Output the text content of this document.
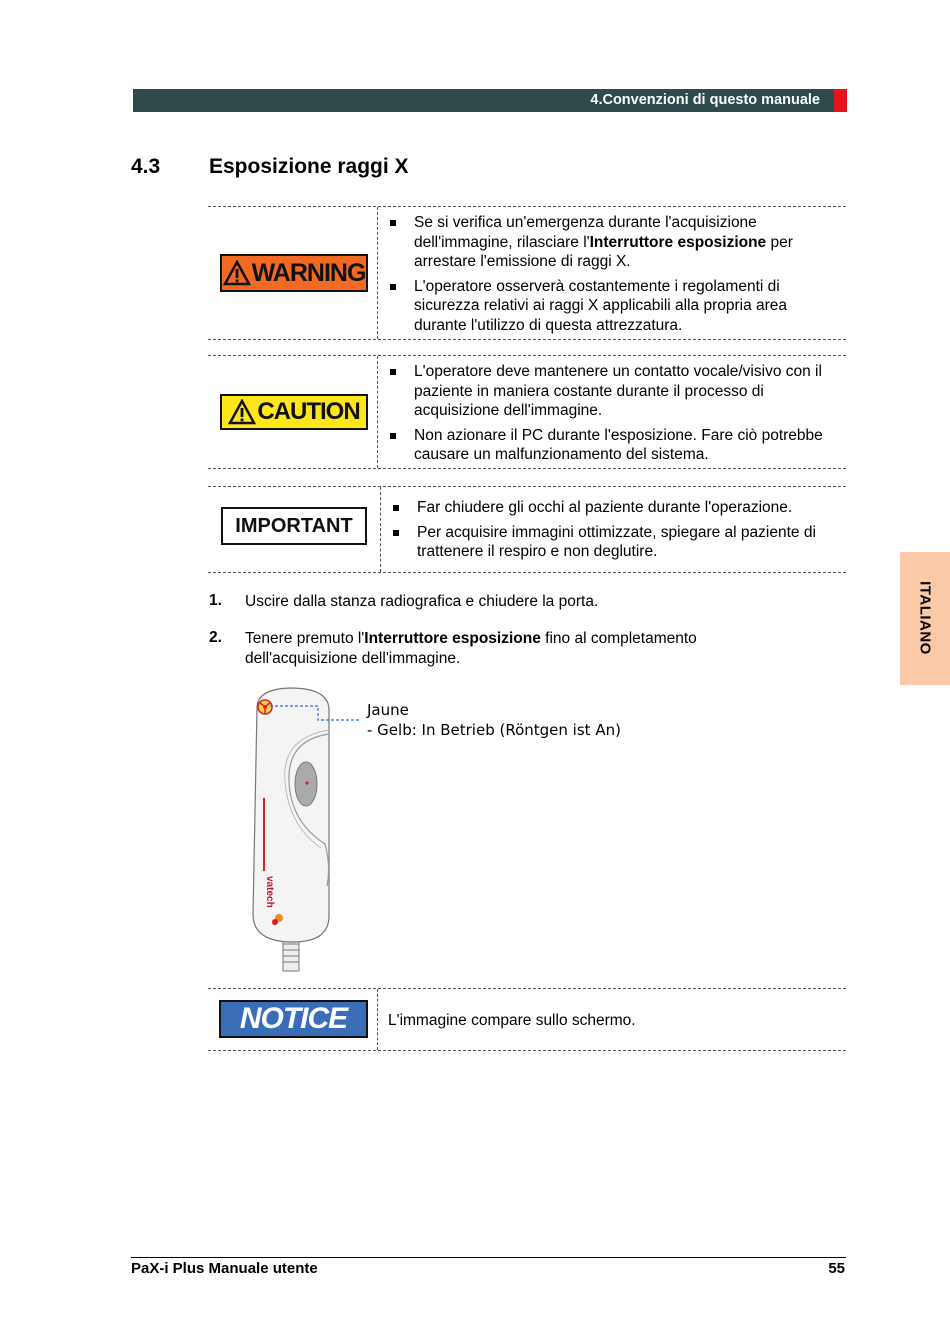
4.Convenzioni di questo manuale
4.3 Esposizione raggi X
WARNING
Se si verifica un'emergenza durante l'acquisizione dell'immagine, rilasciare l'Interruttore esposizione per arrestare l'emissione di raggi X.
L'operatore osserverà costantemente i regolamenti di sicurezza relativi ai raggi X applicabili alla propria area durante l'utilizzo di questa attrezzatura.
CAUTION
L'operatore deve mantenere un contatto vocale/visivo con il paziente in maniera costante durante il processo di acquisizione dell'immagine.
Non azionare il PC durante l'esposizione. Fare ciò potrebbe causare un malfunzionamento del sistema.
IMPORTANT
Far chiudere gli occhi al paziente durante l'operazione.
Per acquisire immagini ottimizzate, spiegare al paziente di trattenere il respiro e non deglutire.
1. Uscire dalla stanza radiografica e chiudere la porta.
2. Tenere premuto l'Interruttore esposizione fino al completamento dell'acquisizione dell'immagine.
vatech
Jaune
- Gelb: In Betrieb (Röntgen ist An)
NOTICE	L'immagine compare sullo schermo.
ITALIANO
PaX-i Plus Manuale utente	55
